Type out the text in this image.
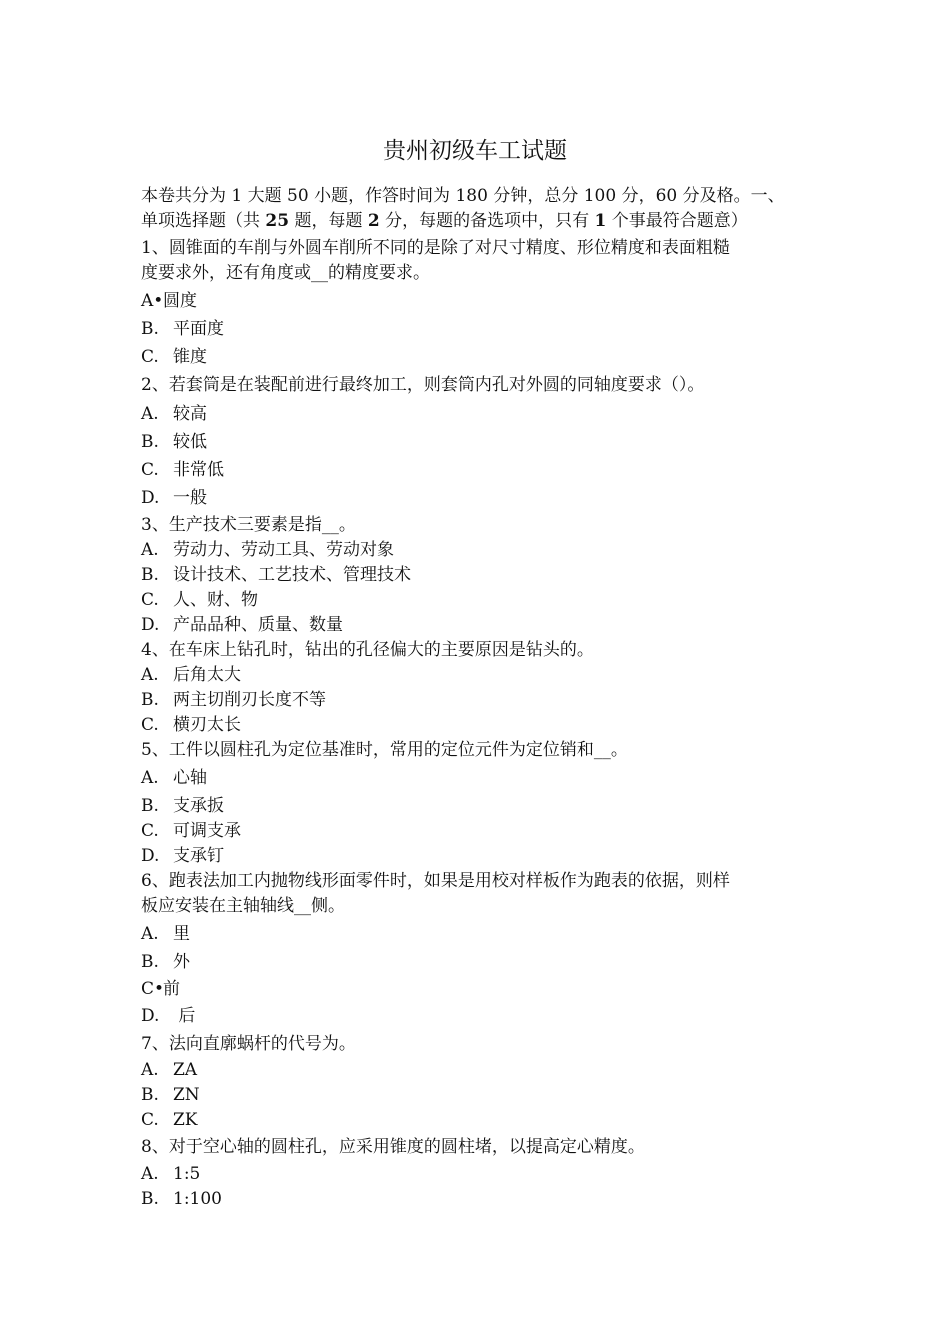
贵州初级车工试题
本卷共分为 1 大题 50 小题，作答时间为 180 分钟，总分 100 分，60 分及格。一、
单项选择题（共 25 题，每题 2 分，每题的备选项中，只有 1 个事最符合题意）
1、圆锥面的车削与外圆车削所不同的是除了对尺寸精度、形位精度和表面粗糙
度要求外，还有角度或__的精度要求。
A•圆度
B. 平面度
C. 锥度
2、若套筒是在装配前进行最终加工，则套筒内孔对外圆的同轴度要求（）。
A. 较高
B. 较低
C. 非常低
D. 一般
3、生产技术三要素是指__。
A. 劳动力、劳动工具、劳动对象
B. 设计技术、工艺技术、管理技术
C. 人、财、物
D. 产品品种、质量、数量
4、在车床上钻孔时，钻出的孔径偏大的主要原因是钻头的。
A. 后角太大
B. 两主切削刃长度不等
C. 横刃太长
5、工件以圆柱孔为定位基准时，常用的定位元件为定位销和__。
A. 心轴
B. 支承扳
C. 可调支承
D. 支承钉
6、跑表法加工内抛物线形面零件时，如果是用校对样板作为跑表的依据，则样
板应安装在主轴轴线__侧。
A. 里
B. 外
C•前
D. 后
7、法向直廓蜗杆的代号为。
A. ZA
B. ZN
C. ZK
8、对于空心轴的圆柱孔，应采用锥度的圆柱堵，以提高定心精度。
A. 1:5
B. 1:100
